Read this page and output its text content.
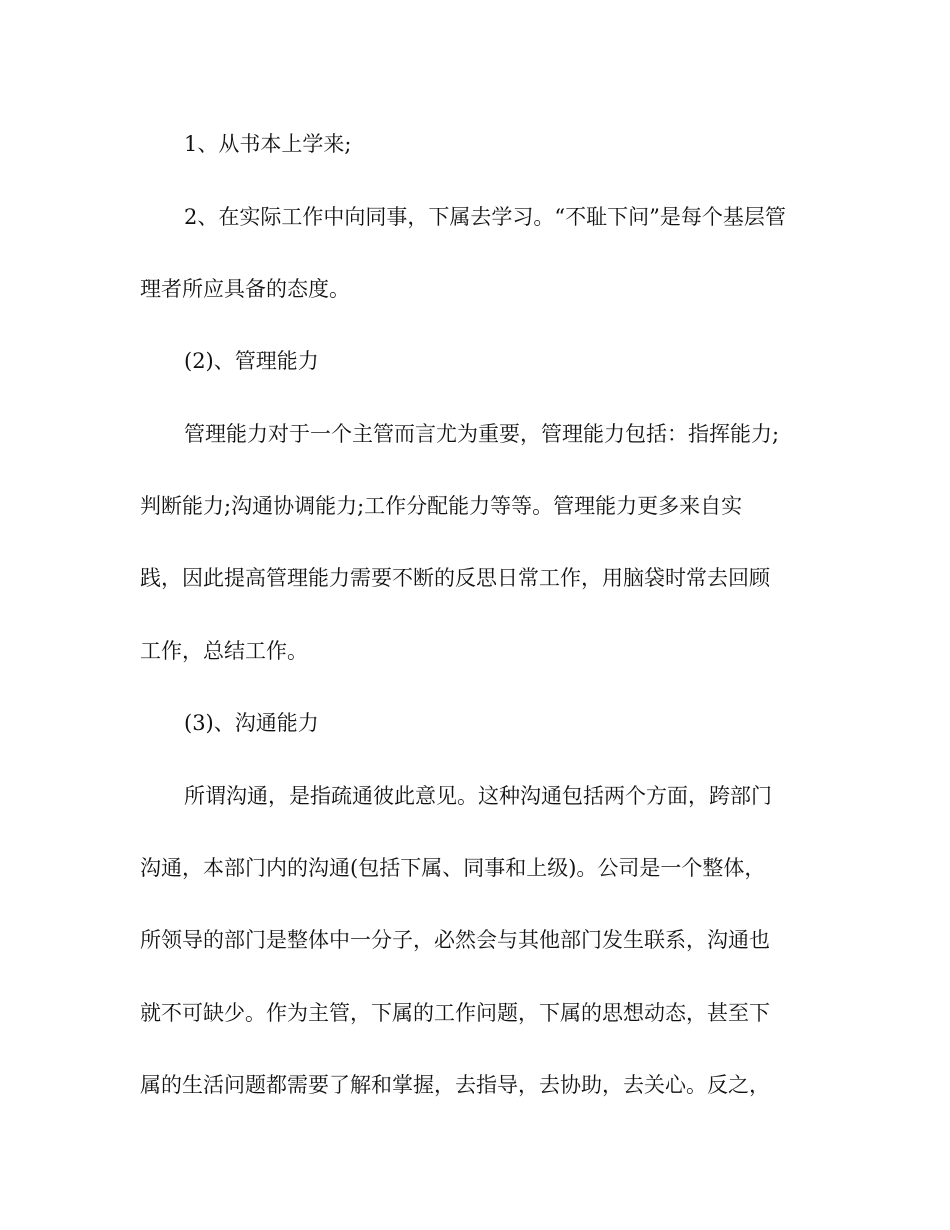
1、从书本上学来;
2、在实际工作中向同事，下属去学习。“不耻下问”是每个基层管
理者所应具备的态度。
(2)、管理能力
管理能力对于一个主管而言尤为重要，管理能力包括：指挥能力;
判断能力;沟通协调能力;工作分配能力等等。管理能力更多来自实
践，因此提高管理能力需要不断的反思日常工作，用脑袋时常去回顾
工作，总结工作。
(3)、沟通能力
所谓沟通，是指疏通彼此意见。这种沟通包括两个方面，跨部门
沟通，本部门内的沟通(包括下属、同事和上级)。公司是一个整体，
所领导的部门是整体中一分子，必然会与其他部门发生联系，沟通也
就不可缺少。作为主管，下属的工作问题，下属的思想动态，甚至下
属的生活问题都需要了解和掌握，去指导，去协助，去关心。反之，
